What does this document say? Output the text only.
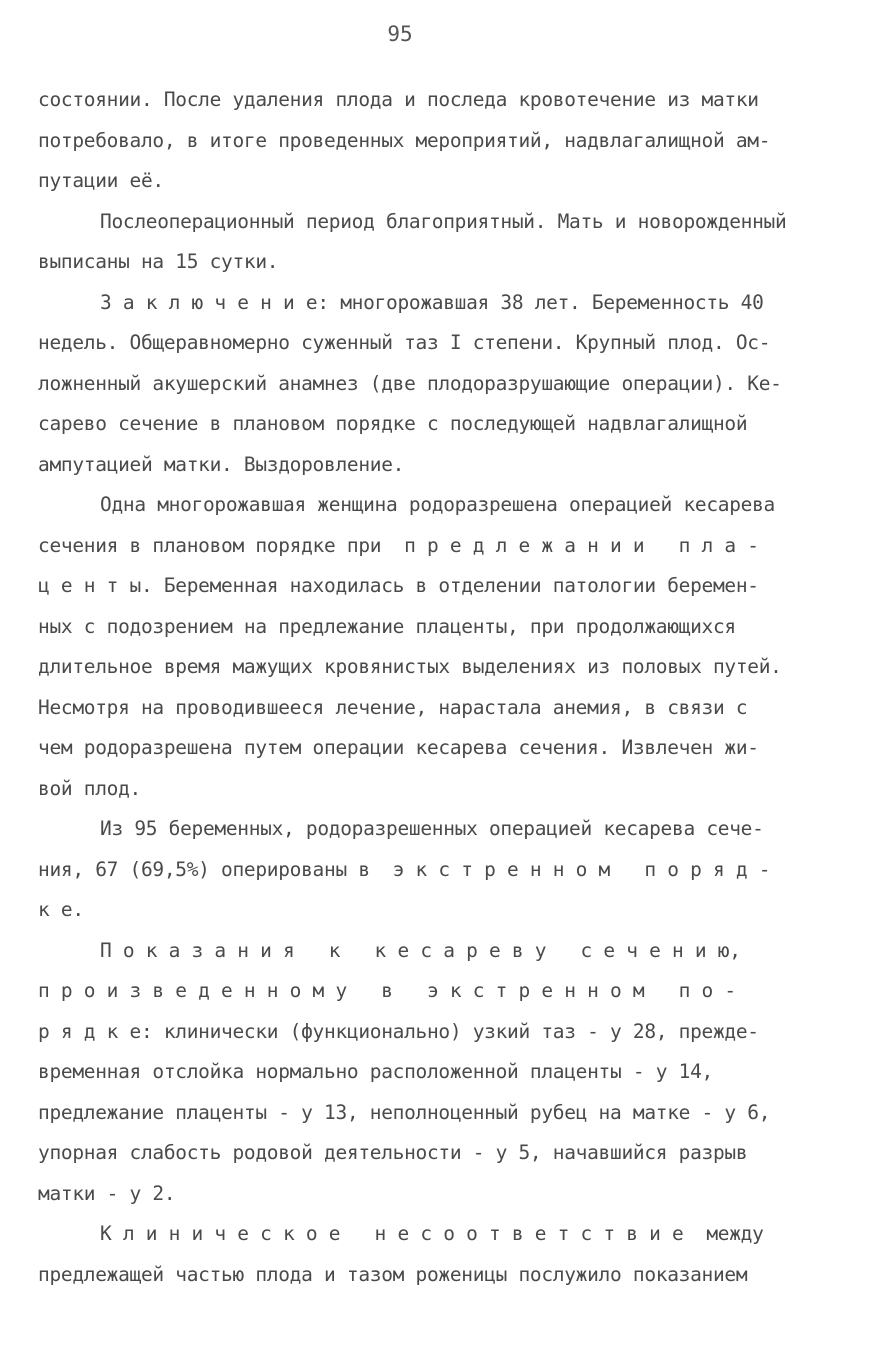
95
состоянии. После удаления плода и последа кровотечение из матки
потребовало, в итоге проведенных мероприятий, надвлагалищной ам-
путации её.
Послеоперационный период благоприятный. Мать и новорожденный
выписаны на 15 сутки.
З а к л ю ч е н и е: многорожавшая 38 лет. Беременность 40
недель. Общеравномерно суженный таз I степени. Крупный плод. Ос-
ложненный акушерский анамнез (две плодоразрушающие операции). Ке-
сарево сечение в плановом порядке с последующей надвлагалищной
ампутацией матки. Выздоровление.
Одна многорожавшая женщина родоразрешена операцией кесарева
сечения в плановом порядке при  п р е д л е ж а н и и   п л а -
ц е н т ы. Беременная находилась в отделении патологии беремен-
ных с подозрением на предлежание плаценты, при продолжающихся
длительное время мажущих кровянистых выделениях из половых путей.
Несмотря на проводившееся лечение, нарастала анемия, в связи с
чем родоразрешена путем операции кесарева сечения. Извлечен жи-
вой плод.
Из 95 беременных, родоразрешенных операцией кесарева сече-
ния, 67 (69,5%) оперированы в  э к с т р е н н о м   п о р я д -
к е.
П о к а з а н и я   к   к е с а р е в у   с е ч е н и ю,
п р о и з в е д е н н о м у   в   э к с т р е н н о м   п о -
р я д к е: клинически (функционально) узкий таз - у 28, прежде-
временная отслойка нормально расположенной плаценты - у 14,
предлежание плаценты - у 13, неполноценный рубец на матке - у 6,
упорная слабость родовой деятельности - у 5, начавшийся разрыв
матки - у 2.
К л и н и ч е с к о е   н е с о о т в е т с т в и е  между
предлежащей частью плода и тазом роженицы послужило показанием
